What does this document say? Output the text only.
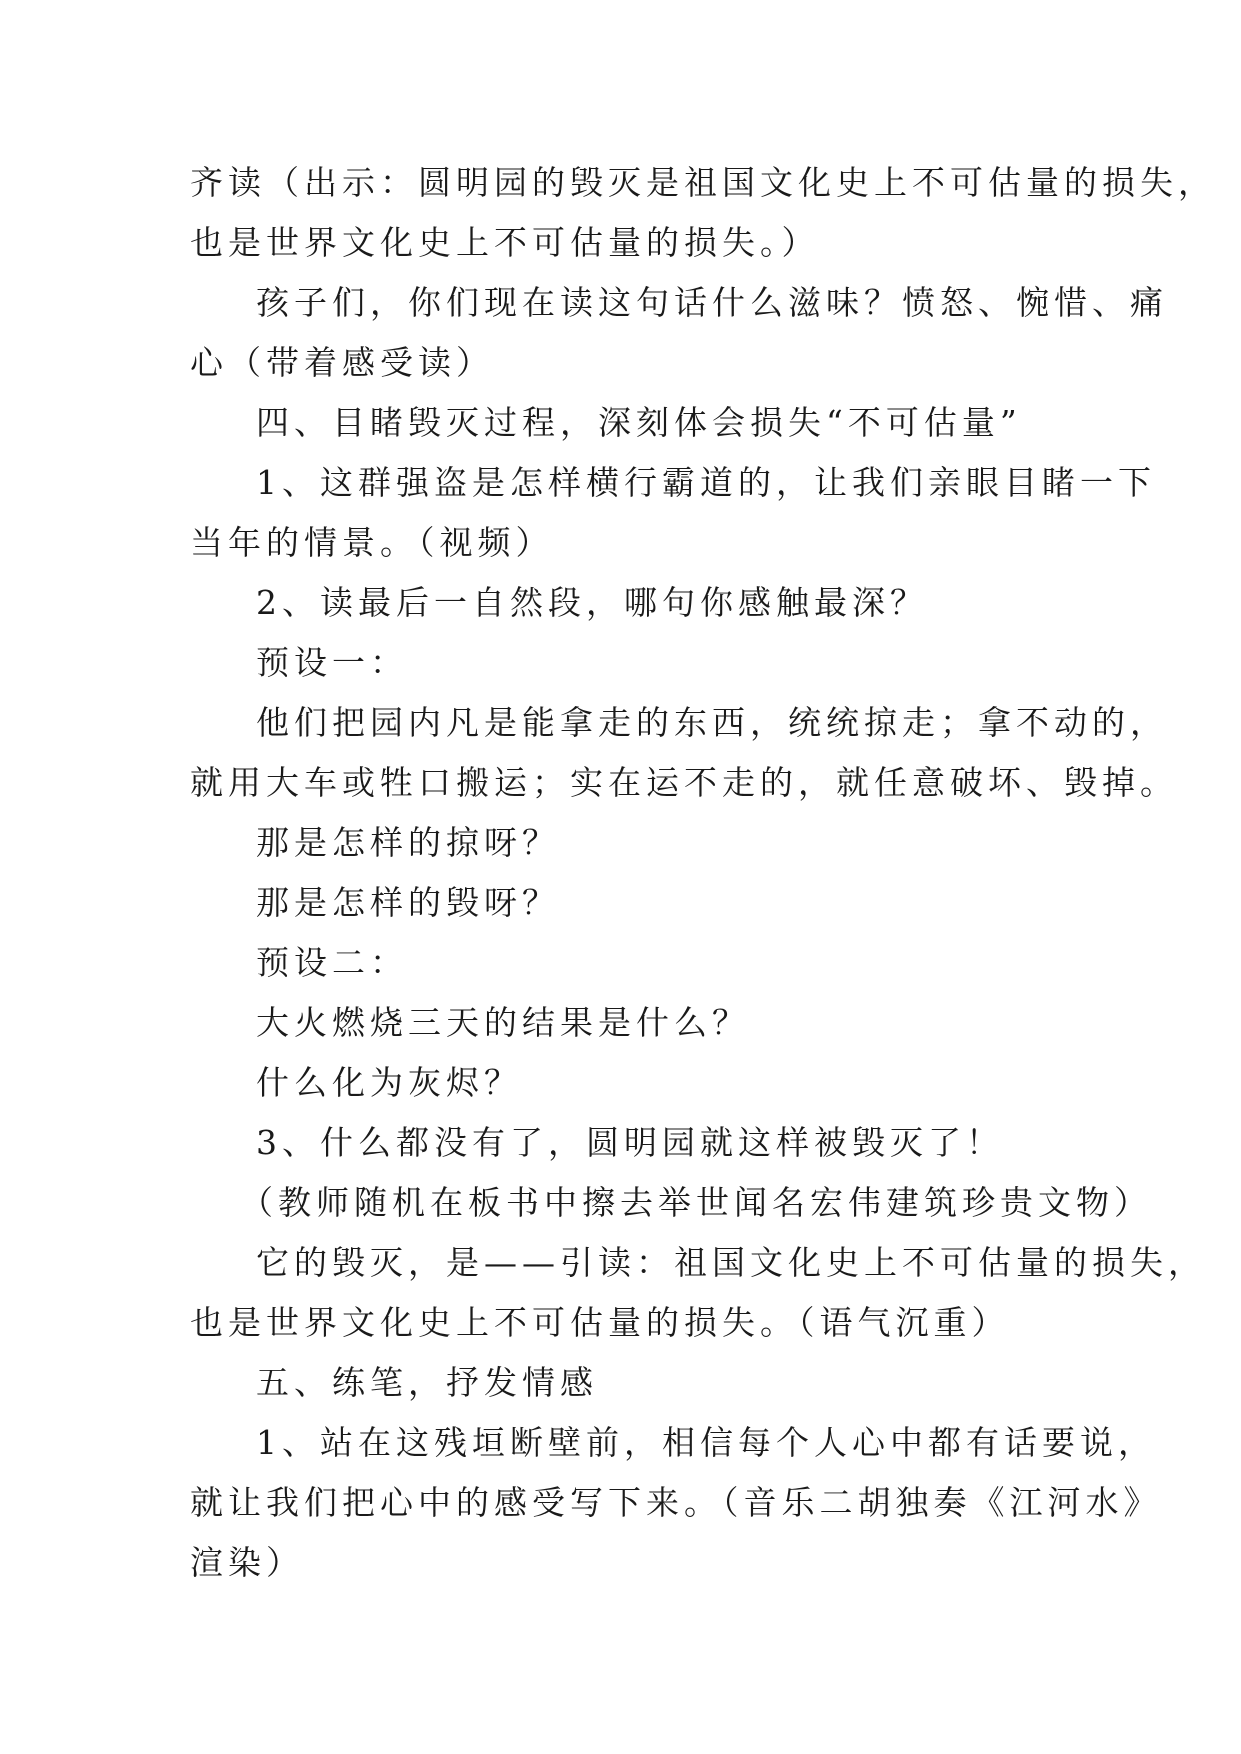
齐读（出示：圆明园的毁灭是祖国文化史上不可估量的损失，
也是世界文化史上不可估量的损失。）
孩子们，你们现在读这句话什么滋味？愤怒、惋惜、痛
心（带着感受读）
四、目睹毁灭过程，深刻体会损失“不可估量”
1、这群强盗是怎样横行霸道的，让我们亲眼目睹一下
当年的情景。（视频）
2、读最后一自然段，哪句你感触最深？
预设一：
他们把园内凡是能拿走的东西，统统掠走；拿不动的，
就用大车或牲口搬运；实在运不走的，就任意破坏、毁掉。
那是怎样的掠呀？
那是怎样的毁呀？
预设二：
大火燃烧三天的结果是什么？
什么化为灰烬？
3、什么都没有了，圆明园就这样被毁灭了！
（教师随机在板书中擦去举世闻名宏伟建筑珍贵文物）
它的毁灭，是——引读：祖国文化史上不可估量的损失，
也是世界文化史上不可估量的损失。（语气沉重）
五、练笔，抒发情感
1、站在这残垣断壁前，相信每个人心中都有话要说，
就让我们把心中的感受写下来。（音乐二胡独奏《江河水》
渲染）
